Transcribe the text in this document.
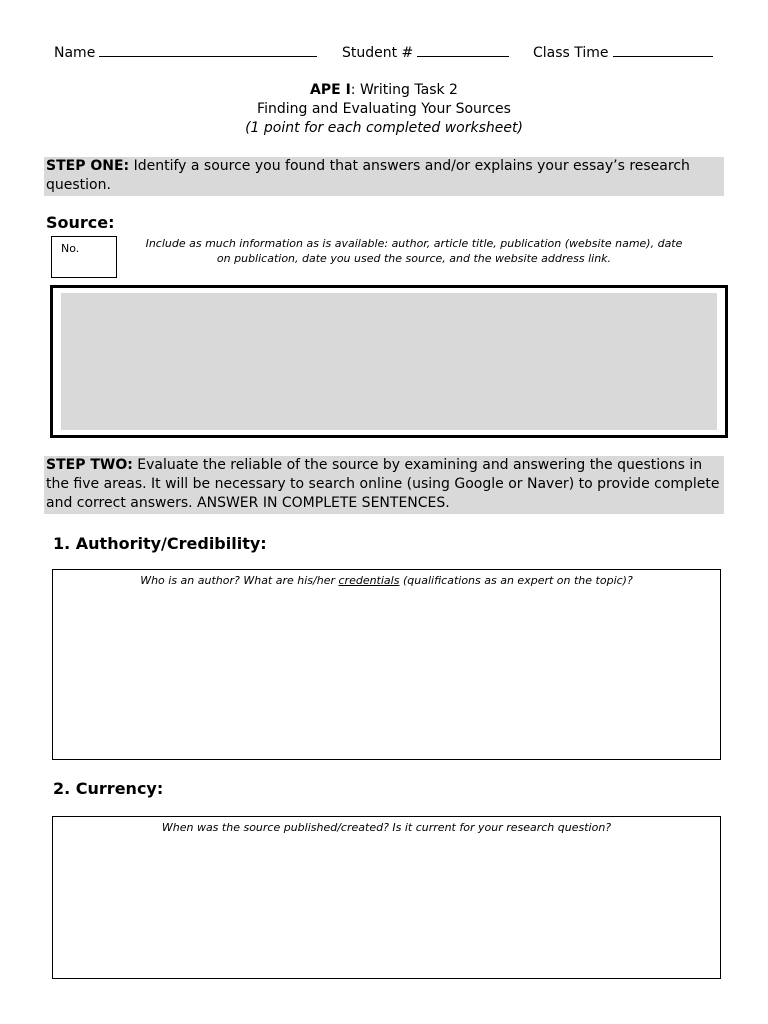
Name	Student #	Class Time
APE I: Writing Task 2
Finding and Evaluating Your Sources
(1 point for each completed worksheet)
STEP ONE: Identify a source you found that answers and/or explains your essay’s research question.
Source:
No.	Include as much information as is available: author, article title, publication (website name), date
on publication, date you used the source, and the website address link.
STEP TWO: Evaluate the reliable of the source by examining and answering the questions in the five areas. It will be necessary to search online (using Google or Naver) to provide complete and correct answers. ANSWER IN COMPLETE SENTENCES.
1. Authority/Credibility:
Who is an author? What are his/her credentials (qualifications as an expert on the topic)?
2. Currency:
When was the source published/created? Is it current for your research question?
